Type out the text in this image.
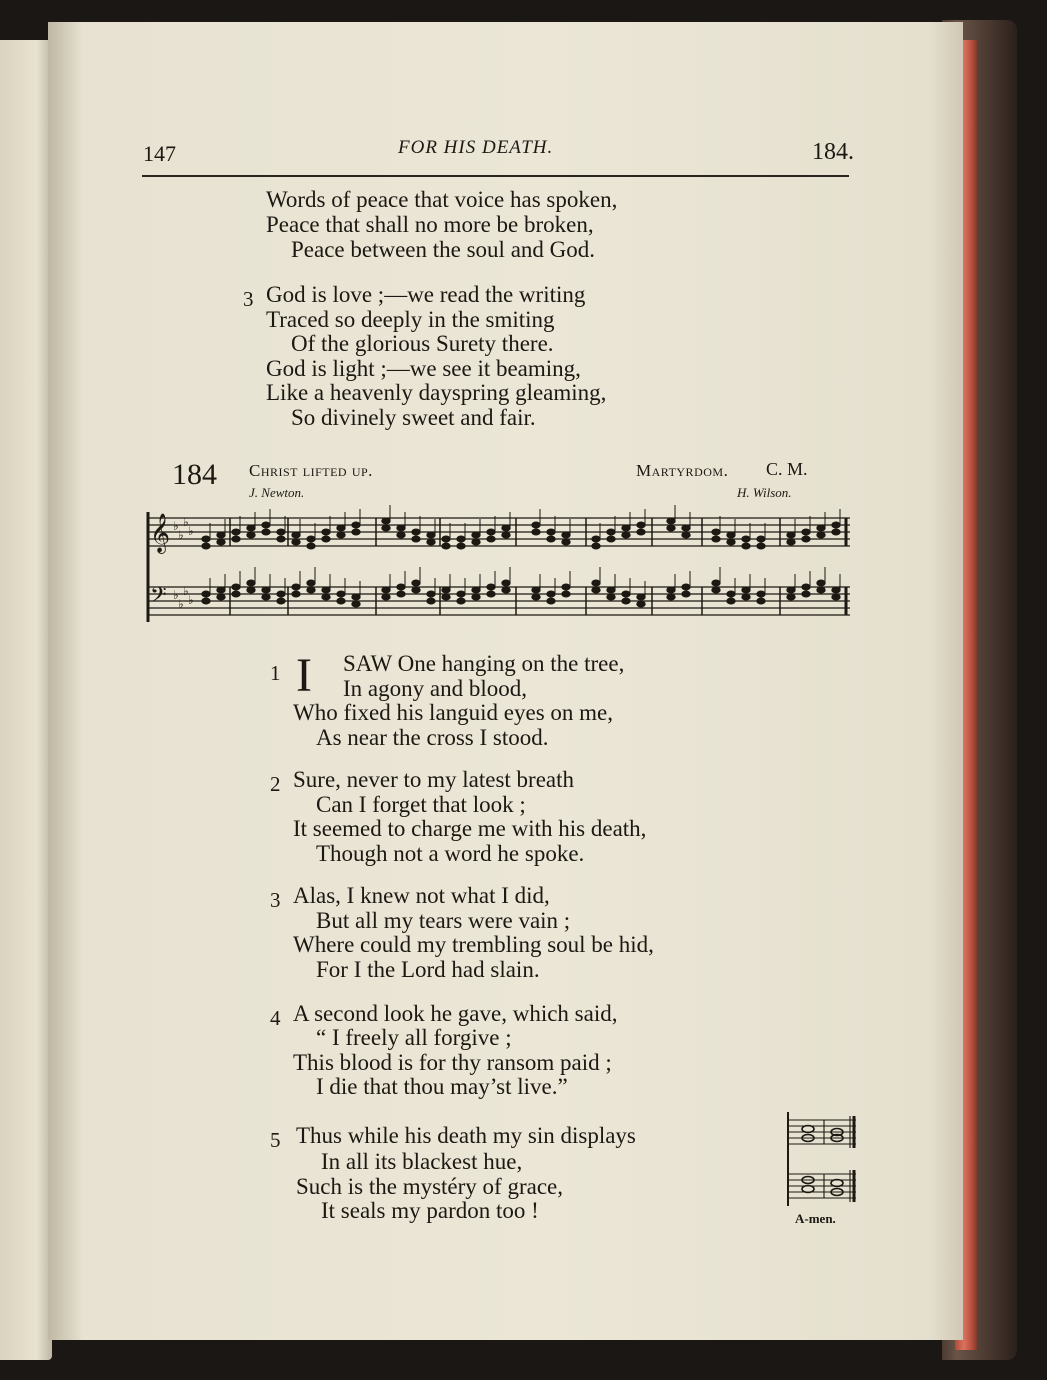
147	FOR HIS DEATH.	184.
Words of peace that voice has spoken,
Peace that shall no more be broken,
Peace between the soul and God.
3 God is love ;—we read the writing
Traced so deeply in the smiting
Of the glorious Surety there.
God is light ;—we see it beaming,
Like a heavenly dayspring gleaming,
So divinely sweet and fair.
184 Christ lifted up.
J. Newton.
Martyrdom. C. M.
H. Wilson.
𝄞
𝄢
♭
♭
♭
♭
♭
♭
♭
♭
1 I SAW One hanging on the tree,
In agony and blood,
Who fixed his languid eyes on me,
As near the cross I stood.
2 Sure, never to my latest breath
Can I forget that look ;
It seemed to charge me with his death,
Though not a word he spoke.
3 Alas, I knew not what I did,
But all my tears were vain ;
Where could my trembling soul be hid,
For I the Lord had slain.
4 A second look he gave, which said,
“ I freely all forgive ;
This blood is for thy ransom paid ;
I die that thou may’st live.”
5 Thus while his death my sin displays
In all its blackest hue,
Such is the mystéry of grace,
It seals my pardon too !	A-men.
